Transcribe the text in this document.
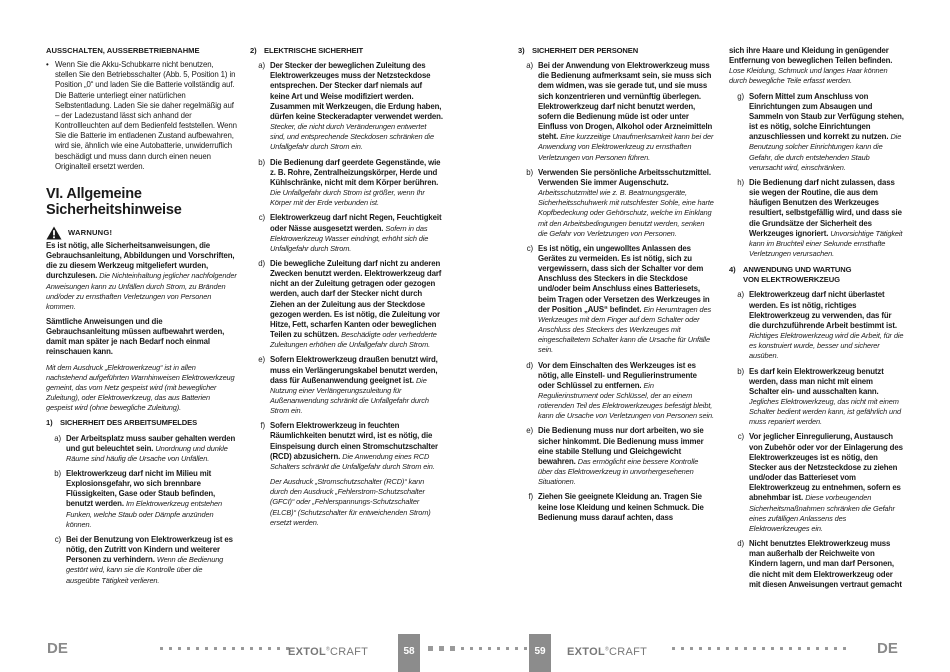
AUSSCHALTEN, AUSSERBETRIEBNAHME
• Wenn Sie die Akku-Schubkarre nicht benutzen, stellen Sie den Betriebsschalter (Abb. 5, Position 1) in Position „0“ und laden Sie die Batterie vollständig auf. Die Batterie unterliegt einer natürlichen Selbstentladung. Laden Sie sie daher regelmäßig auf – der Ladezustand lässt sich anhand der Kontrollleuchten auf dem Bedienfeld feststellen. Wenn Sie die Batterie im entladenen Zustand aufbewahren, wird sie, ähnlich wie eine Autobatterie, unwiderruflich beschädigt und muss dann durch einen neuen Originalteil ersetzt werden.
VI. Allgemeine
Sicherheitshinweise
WARNUNG!
Es ist nötig, alle Sicherheitsanweisungen, die Gebrauchsanleitung, Abbildungen und Vorschriften, die zu diesem Werkzeug mitgeliefert wurden, durchzulesen. Die Nichteinhaltung jeglicher nachfolgender Anweisungen kann zu Unfällen durch Strom, zu Bränden und/oder zu ernsthaften Verletzungen von Personen kommen.
Sämtliche Anweisungen und die Gebrauchsanleitung müssen aufbewahrt werden, damit man später je nach Bedarf noch einmal reinschauen kann.
Mit dem Ausdruck „Elektrowerkzeug“ ist in allen nachstehend aufgeführten Warnhinweisen Elektrowerkzeug gemeint, das vom Netz gespeist wird (mit beweglicher Zuleitung), oder Elektrowerkzeug, das aus Batterien gespeist wird (ohne bewegliche Zuleitung).
1) SICHERHEIT DES ARBEITSUMFELDES
a) Der Arbeitsplatz muss sauber gehalten werden und gut beleuchtet sein. Unordnung und dunkle Räume sind häufig die Ursache von Unfällen.
b) Elektrowerkzeug darf nicht im Milieu mit Explosionsgefahr, wo sich brennbare Flüssigkeiten, Gase oder Staub befinden, benutzt werden. Im Elektrowerkzeug entstehen Funken, welche Staub oder Dämpfe anzünden können.
c) Bei der Benutzung von Elektrowerkzeug ist es nötig, den Zutritt von Kindern und weiterer Personen zu verhindern. Wenn die Bedienung gestört wird, kann sie die Kontrolle über die ausgeübte Tätigkeit verlieren.
2) ELEKTRISCHE SICHERHEIT
a) Der Stecker der beweglichen Zuleitung des Elektrowerkzeuges muss der Netzsteckdose entsprechen. Der Stecker darf niemals auf keine Art und Weise modifiziert werden. Zusammen mit Werkzeugen, die Erdung haben, dürfen keine Steckeradapter verwendet werden. Stecker, die nicht durch Veränderungen entwertet sind, und entsprechende Steckdosen schränken die Unfallgefahr durch Strom ein.
b) Die Bedienung darf geerdete Gegenstände, wie z. B. Rohre, Zentralheizungskörper, Herde und Kühlschränke, nicht mit dem Körper berühren. Die Unfallgefahr durch Strom ist größer, wenn Ihr Körper mit der Erde verbunden ist.
c) Elektrowerkzeug darf nicht Regen, Feuchtigkeit oder Nässe ausgesetzt werden. Sofern in das Elektrowerkzeug Wasser eindringt, erhöht sich die Unfallgefahr durch Strom.
d) Die bewegliche Zuleitung darf nicht zu anderen Zwecken benutzt werden. Elektrowerkzeug darf nicht an der Zuleitung getragen oder gezogen werden, auch darf der Stecker nicht durch Ziehen an der Zuleitung aus der Steckdose gezogen werden. Es ist nötig, die Zuleitung vor Hitze, Fett, scharfen Kanten oder beweglichen Teilen zu schützen. Beschädigte oder verhedderte Zuleitungen erhöhen die Unfallgefahr durch Strom.
e) Sofern Elektrowerkzeug draußen benutzt wird, muss ein Verlängerungskabel benutzt werden, dass für Außenanwendung geeignet ist. Die Nutzung einer Verlängerungszuleitung für Außenanwendung schränkt die Unfallgefahr durch Strom ein.
f) Sofern Elektrowerkzeug in feuchten Räumlichkeiten benutzt wird, ist es nötig, die Einspeisung durch einen Stromschutzschalter (RCD) abzusichern. Die Anwendung eines RCD Schalters schränkt die Unfallgefahr durch Strom ein.
Der Ausdruck „Stromschutzschalter (RCD)“ kann durch den Ausdruck „Fehlerstrom-Schutzschalter (GFCI)“ oder „Fehlerspannungs-Schutzschalter (ELCB)“ (Schutzschalter für entweichenden Strom) ersetzt werden.
3) SICHERHEIT DER PERSONEN
a) Bei der Anwendung von Elektrowerkzeug muss die Bedienung aufmerksamt sein, sie muss sich dem widmen, was sie gerade tut, und sie muss sich konzentrieren und vernünftig überlegen. Elektrowerkzeug darf nicht benutzt werden, sofern die Bedienung müde ist oder unter Einfluss von Drogen, Alkohol oder Arzneimitteln steht. Eine kurzzeitige Unaufmerksamkeit kann bei der Anwendung von Elektrowerkzeug zu ernsthaften Verletzungen von Personen führen.
b) Verwenden Sie persönliche Arbeitsschutzmittel. Verwenden Sie immer Augenschutz. Arbeitsschutzmittel wie z. B. Beatmungsgeräte, Sicherheitsschuhwerk mit rutschfester Sohle, eine harte Kopfbedeckung oder Gehörschutz, welche im Einklang mit den Arbeitsbedingungen benutzt werden, senken die Gefahr von Verletzungen von Personen.
c) Es ist nötig, ein ungewolltes Anlassen des Gerätes zu vermeiden. Es ist nötig, sich zu vergewissern, dass sich der Schalter vor dem Anschluss des Steckers in die Steckdose und/oder beim Anschluss eines Batteriesets, beim Tragen oder Versetzen des Werkzeuges in der Position „AUS“ befindet. Ein Herumtragen des Werkzeuges mit dem Finger auf dem Schalter oder Anschluss des Steckers des Werkzeuges mit eingeschaltetem Schalter kann die Ursache für Unfälle sein.
d) Vor dem Einschalten des Werkzeuges ist es nötig, alle Einstell- und Regulierinstrumente oder Schlüssel zu entfernen. Ein Regulierinstrument oder Schlüssel, der an einem rotierenden Teil des Elektrowerkzeuges befestigt bleibt, kann die Ursache von Verletzungen von Personen sein.
e) Die Bedienung muss nur dort arbeiten, wo sie sicher hinkommt. Die Bedienung muss immer eine stabile Stellung und Gleichgewicht bewahren. Das ermöglicht eine bessere Kontrolle über das Elektrowerkzeug in unvorhergesehenen Situationen.
f) Ziehen Sie geeignete Kleidung an. Tragen Sie keine lose Kleidung und keinen Schmuck. Die Bedienung muss darauf achten, dass
sich ihre Haare und Kleidung in genügender Entfernung von beweglichen Teilen befinden. Lose Kleidung, Schmuck und langes Haar können durch bewegliche Teile erfasst werden.
g) Sofern Mittel zum Anschluss von Einrichtungen zum Absaugen und Sammeln von Staub zur Verfügung stehen, ist es nötig, solche Einrichtungen anzuschliessen und korrekt zu nutzen. Die Benutzung solcher Einrichtungen kann die Gefahr, die durch entstehenden Staub verursacht wird, einschränken.
h) Die Bedienung darf nicht zulassen, dass sie wegen der Routine, die aus dem häufigen Benutzen des Werkzeuges resultiert, selbstgefällig wird, und dass sie die Grundsätze der Sicherheit des Werkzeuges ignoriert. Unvorsichtige Tätigkeit kann im Bruchteil einer Sekunde ernsthafte Verletzungen verursachen.
4) ANWENDUNG UND WARTUNG
VON ELEKTROWERKZEUG
a) Elektrowerkzeug darf nicht überlastet werden. Es ist nötig, richtiges Elektrowerkzeug zu verwenden, das für die durchzuführende Arbeit bestimmt ist. Richtiges Elektrowerkzeug wird die Arbeit, für die es konstruiert wurde, besser und sicherer ausüben.
b) Es darf kein Elektrowerkzeug benutzt werden, dass man nicht mit einem Schalter ein- und ausschalten kann. Jegliches Elektrowerkzeug, das nicht mit einem Schalter bedient werden kann, ist gefährlich und muss repariert werden.
c) Vor jeglicher Einregulierung, Austausch von Zubehör oder vor der Einlagerung des Elektrowerkzeuges ist es nötig, den Stecker aus der Netzsteckdose zu ziehen und/oder das Batterieset vom Elektrowerkzeug zu entnehmen, sofern es abnehmbar ist. Diese vorbeugenden Sicherheitsmaßnahmen schränken die Gefahr eines zufälligen Anlassens des Elektrowerkzeuges ein.
d) Nicht benutztes Elektrowerkzeug muss man außerhalb der Reichweite von Kindern lagern, und man darf Personen, die nicht mit dem Elektrowerkzeug oder mit diesen Anweisungen vertraut gemacht
DE	EXTOL®CRAFT	58	59	EXTOL®CRAFT	DE
